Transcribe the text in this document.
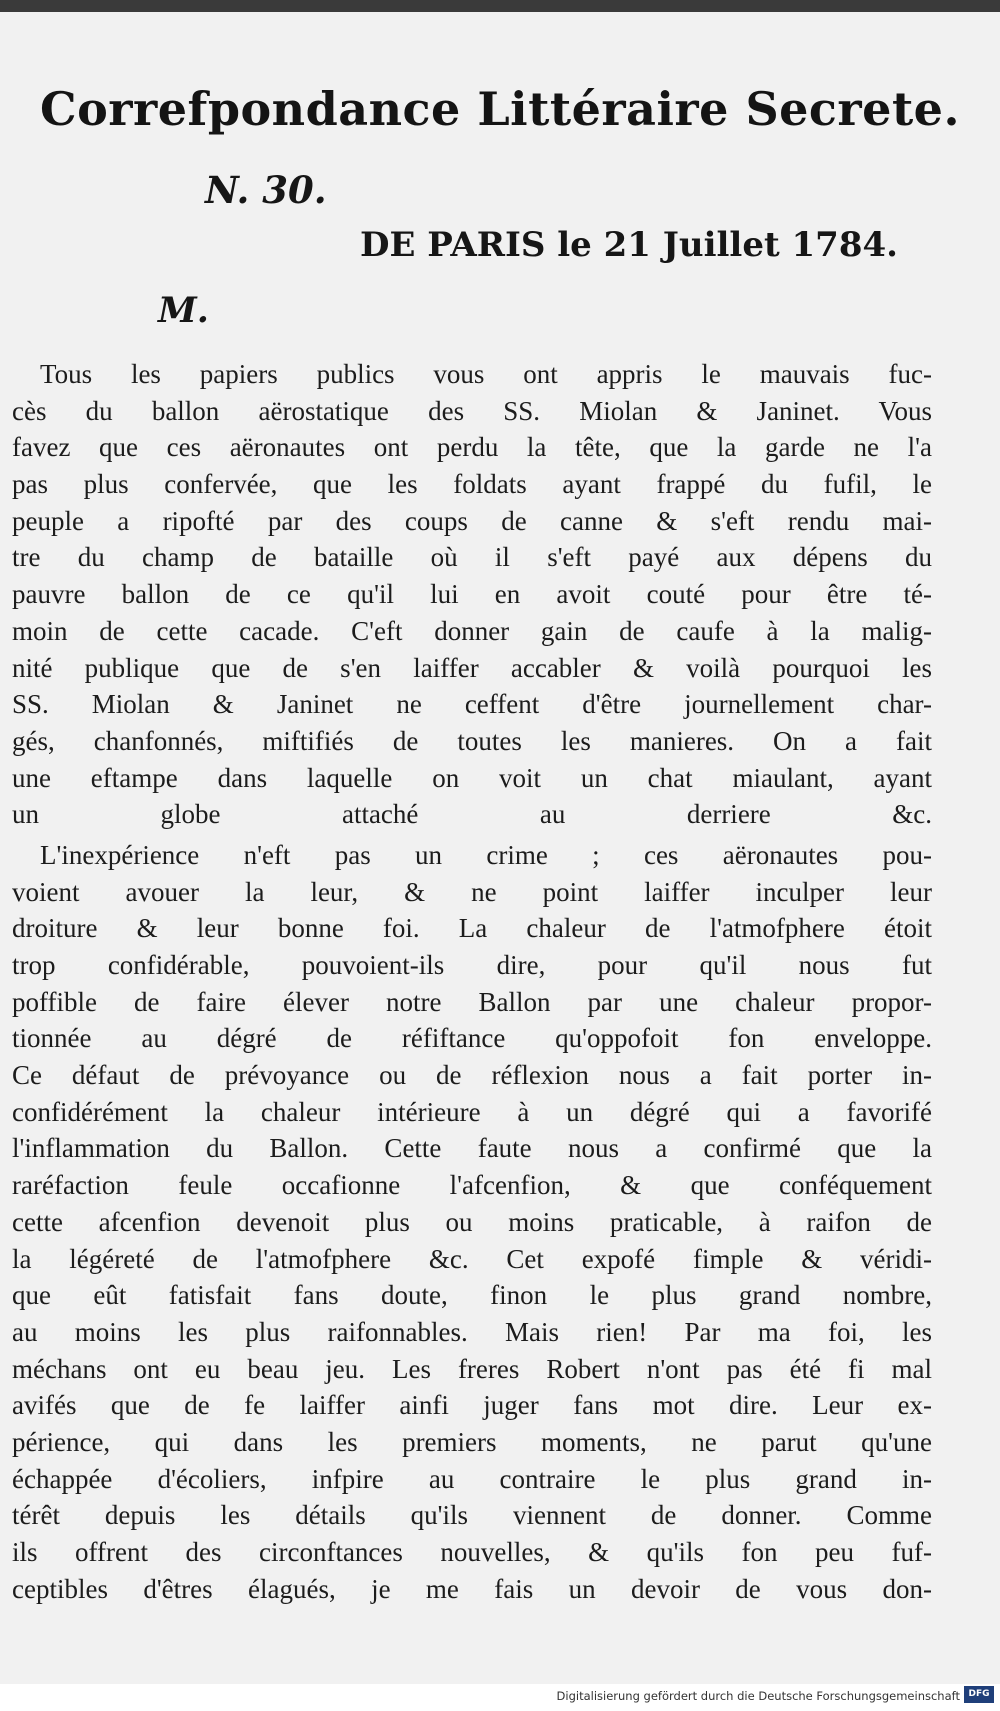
Correfpondance Littéraire Secrete.
N. 30.
DE PARIS le 21 Juillet 1784.
M.
Tous les papiers publics vous ont appris le mauvais fuc-
cès du ballon aërostatique des SS. Miolan & Janinet. Vous
favez que ces aëronautes ont perdu la tête, que la garde ne l'a
pas plus confervée, que les foldats ayant frappé du fufil, le
peuple a ripofté par des coups de canne & s'eft rendu mai-
tre du champ de bataille où il s'eft payé aux dépens du
pauvre ballon de ce qu'il lui en avoit couté pour être té-
moin de cette cacade. C'eft donner gain de caufe à la malig-
nité publique que de s'en laiffer accabler & voilà pourquoi les
SS. Miolan & Janinet ne ceffent d'être journellement char-
gés, chanfonnés, miftifiés de toutes les manieres. On a fait
une eftampe dans laquelle on voit un chat miaulant, ayant
un globe attaché au derriere &c.
L'inexpérience n'eft pas un crime ; ces aëronautes pou-
voient avouer la leur, & ne point laiffer inculper leur
droiture & leur bonne foi. La chaleur de l'atmofphere étoit
trop confidérable, pouvoient-ils dire, pour qu'il nous fut
poffible de faire élever notre Ballon par une chaleur propor-
tionnée au dégré de réfiftance qu'oppofoit fon enveloppe.
Ce défaut de prévoyance ou de réflexion nous a fait porter in-
confidérément la chaleur intérieure à un dégré qui a favorifé
l'inflammation du Ballon. Cette faute nous a confirmé que la
raréfaction feule occafionne l'afcenfion, & que conféquement
cette afcenfion devenoit plus ou moins praticable, à raifon de
la légéreté de l'atmofphere &c. Cet expofé fimple & véridi-
que eût fatisfait fans doute, finon le plus grand nombre,
au moins les plus raifonnables. Mais rien! Par ma foi, les
méchans ont eu beau jeu. Les freres Robert n'ont pas été fi mal
avifés que de fe laiffer ainfi juger fans mot dire. Leur ex-
périence, qui dans les premiers moments, ne parut qu'une
échappée d'écoliers, infpire au contraire le plus grand in-
térêt depuis les détails qu'ils viennent de donner. Comme
ils offrent des circonftances nouvelles, & qu'ils fon peu fuf-
ceptibles d'êtres élagués, je me fais un devoir de vous don-
Digitalisierung gefördert durch die Deutsche Forschungsgemeinschaft DFG
